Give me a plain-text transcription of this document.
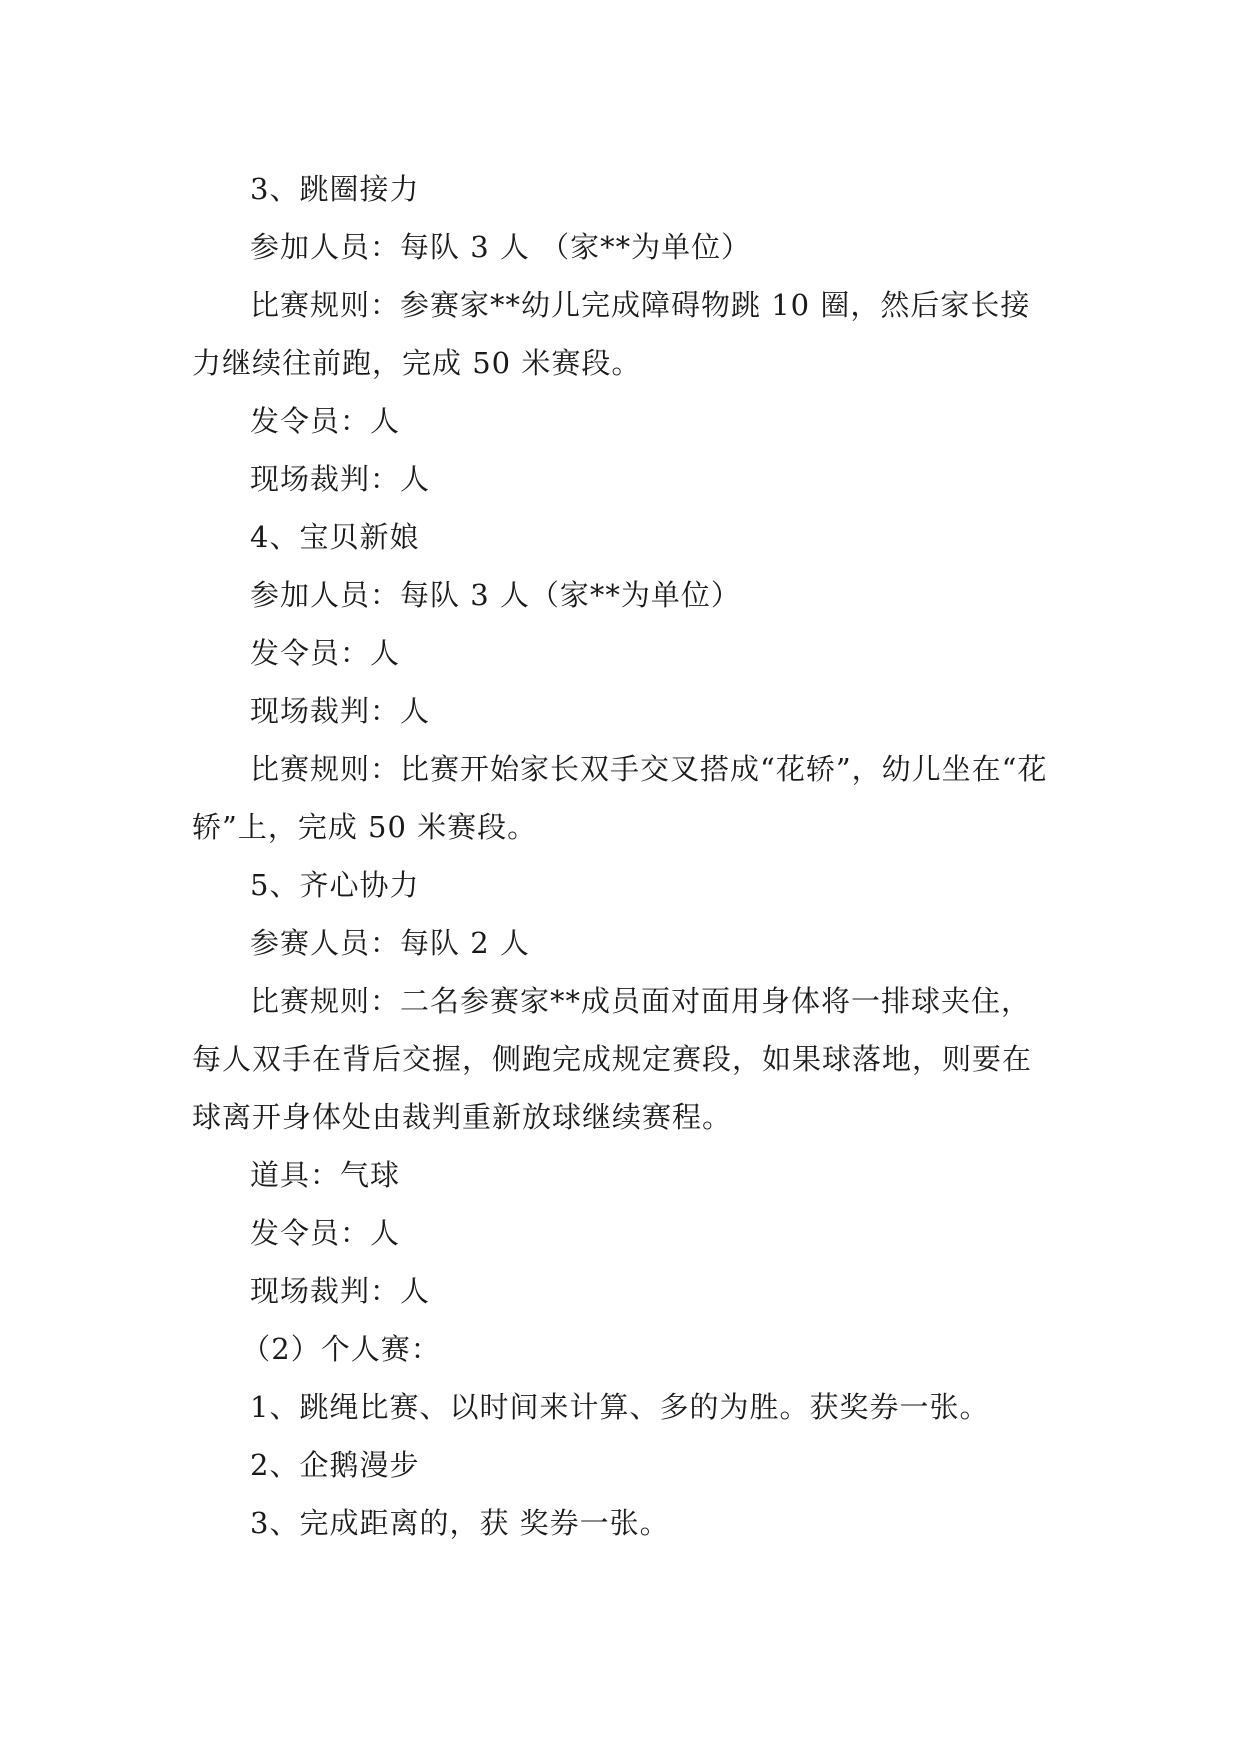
3、跳圈接力

参加人员：每队 3 人 （家**为单位）

比赛规则：参赛家**幼儿完成障碍物跳 10 圈，然后家长接力继续往前跑，完成 50 米赛段。

发令员：人

现场裁判：人

4、宝贝新娘

参加人员：每队 3 人（家**为单位）

发令员：人

现场裁判：人

比赛规则：比赛开始家长双手交叉搭成“花轿”，幼儿坐在“花轿”上，完成 50 米赛段。

5、齐心协力

参赛人员：每队 2 人

比赛规则：二名参赛家**成员面对面用身体将一排球夹住，每人双手在背后交握，侧跑完成规定赛段，如果球落地，则要在球离开身体处由裁判重新放球继续赛程。

道具：气球

发令员：人

现场裁判：人

（2）个人赛：

1、跳绳比赛、以时间来计算、多的为胜。获奖券一张。

2、企鹅漫步

3、完成距离的，获 奖券一张。
